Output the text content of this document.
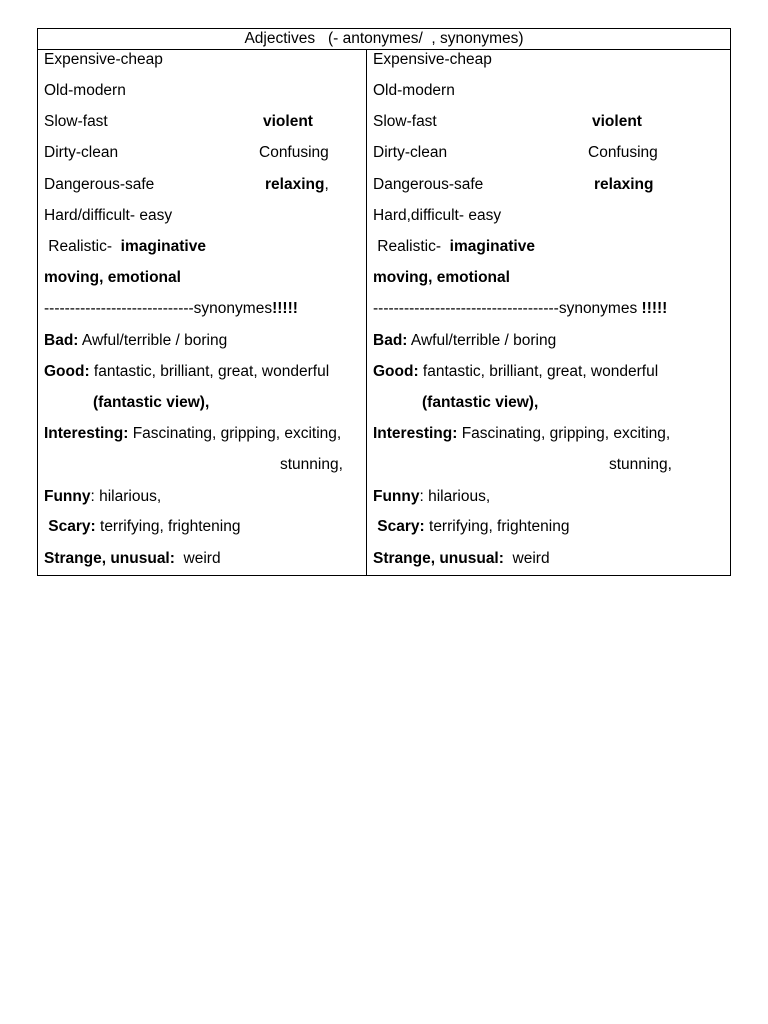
Adjectives   (- antonymes/  , synonymes)
Expensive-cheap
Old-modern
Slow-fast	violent
Dirty-clean	Confusing
Dangerous-safe	relaxing,
Hard/difficult- easy
Realistic-  imaginative
moving, emotional
-----------------------------synonymes!!!!!
Bad: Awful/terrible / boring
Good: fantastic, brilliant, great, wonderful
(fantastic view),
Interesting: Fascinating, gripping, exciting,
stunning,
Funny: hilarious,
Scary: terrifying, frightening
Strange, unusual:  weird
Expensive-cheap
Old-modern
Slow-fast	violent
Dirty-clean	Confusing
Dangerous-safe	relaxing
Hard,difficult- easy
Realistic-  imaginative
moving, emotional
------------------------------------synonymes !!!!!
Bad: Awful/terrible / boring
Good: fantastic, brilliant, great, wonderful
(fantastic view),
Interesting: Fascinating, gripping, exciting,
stunning,
Funny: hilarious,
Scary: terrifying, frightening
Strange, unusual:  weird
